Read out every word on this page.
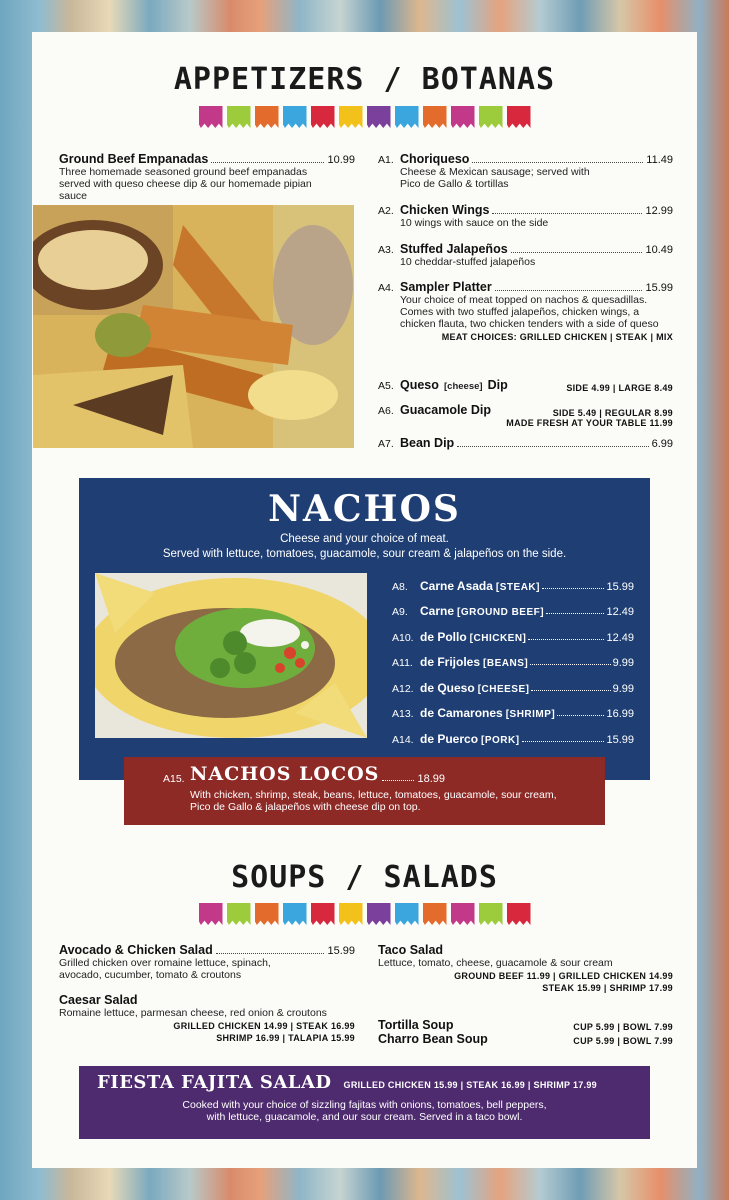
APPETIZERS / BOTANAS
Ground Beef Empanadas	10.99
Three homemade seasoned ground beef empanadas served with queso cheese dip & our homemade pipian sauce
A1. Choriqueso	11.49
Cheese & Mexican sausage; served with Pico de Gallo & tortillas
A2. Chicken Wings	12.99
10 wings with sauce on the side
A3. Stuffed Jalapeños	10.49
10 cheddar-stuffed jalapeños
A4. Sampler Platter	15.99
Your choice of meat topped on nachos & quesadillas. Comes with two stuffed jalapeños, chicken wings, a chicken flauta, two chicken tenders with a side of queso
MEAT CHOICES: GRILLED CHICKEN | STEAK | MIX
A5. Queso [cheese] Dip	SIDE 4.99 | LARGE 8.49
A6. Guacamole Dip	SIDE 5.49 | REGULAR 8.99
MADE FRESH AT YOUR TABLE 11.99
A7. Bean Dip	6.99
NACHOS
Cheese and your choice of meat.
Served with lettuce, tomatoes, guacamole, sour cream & jalapeños on the side.
A8.	Carne Asada [STEAK]	15.99
A9.	Carne [GROUND BEEF]	12.49
A10. de Pollo [CHICKEN]	12.49
A11. de Frijoles [BEANS]	9.99
A12. de Queso [CHEESE]	9.99
A13. de Camarones [SHRIMP]	16.99
A14. de Puerco [PORK]	15.99
A15. NACHOS LOCOS	18.99
With chicken, shrimp, steak, beans, lettuce, tomatoes, guacamole, sour cream,
Pico de Gallo & jalapeños with cheese dip on top.
SOUPS / SALADS
Avocado & Chicken Salad	15.99
Grilled chicken over romaine lettuce, spinach, avocado, cucumber, tomato & croutons
Caesar Salad
Romaine lettuce, parmesan cheese, red onion & croutons
GRILLED CHICKEN 14.99 | STEAK 16.99
SHRIMP 16.99 | TALAPIA 15.99
Taco Salad
Lettuce, tomato, cheese, guacamole & sour cream
GROUND BEEF 11.99 | GRILLED CHICKEN 14.99
STEAK 15.99 | SHRIMP 17.99
Tortilla Soup	CUP 5.99 | BOWL 7.99
Charro Bean Soup	CUP 5.99 | BOWL 7.99
FIESTA FAJITA SALAD GRILLED CHICKEN 15.99 | STEAK 16.99 | SHRIMP 17.99
Cooked with your choice of sizzling fajitas with onions, tomatoes, bell peppers,
with lettuce, guacamole, and our sour cream. Served in a taco bowl.
